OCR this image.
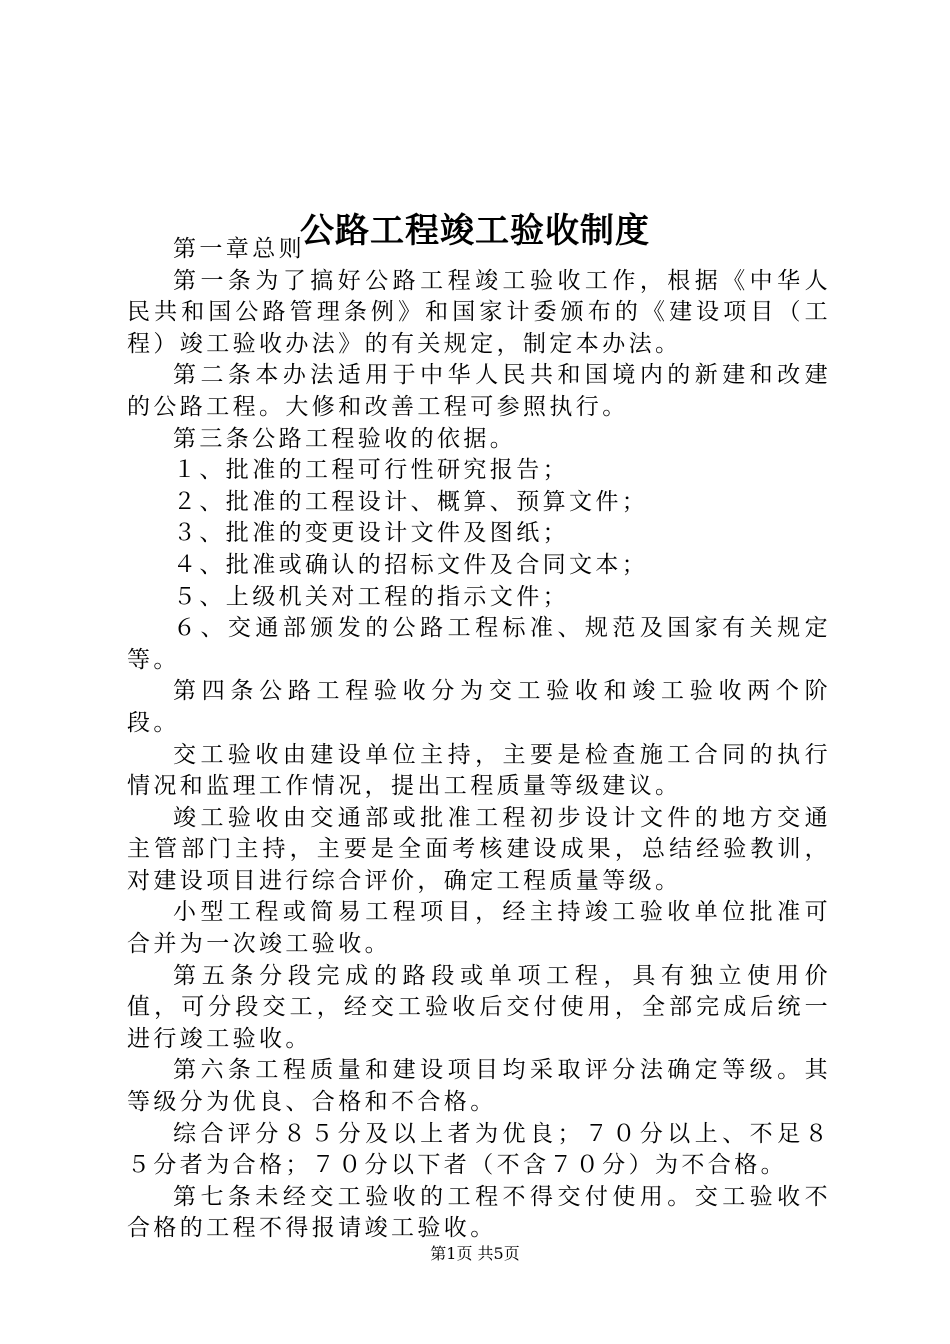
公路工程竣工验收制度

第一章总则

第一条为了搞好公路工程竣工验收工作，根据《中华人民共和国公路管理条例》和国家计委颁布的《建设项目（工程）竣工验收办法》的有关规定，制定本办法。

第二条本办法适用于中华人民共和国境内的新建和改建的公路工程。大修和改善工程可参照执行。

第三条公路工程验收的依据。

１、批准的工程可行性研究报告；

２、批准的工程设计、概算、预算文件；

３、批准的变更设计文件及图纸；

４、批准或确认的招标文件及合同文本；

５、上级机关对工程的指示文件；

６、交通部颁发的公路工程标准、规范及国家有关规定等。

第四条公路工程验收分为交工验收和竣工验收两个阶段。

交工验收由建设单位主持，主要是检查施工合同的执行情况和监理工作情况，提出工程质量等级建议。

竣工验收由交通部或批准工程初步设计文件的地方交通主管部门主持，主要是全面考核建设成果，总结经验教训，对建设项目进行综合评价，确定工程质量等级。

小型工程或简易工程项目，经主持竣工验收单位批准可合并为一次竣工验收。

第五条分段完成的路段或单项工程，具有独立使用价值，可分段交工，经交工验收后交付使用，全部完成后统一进行竣工验收。

第六条工程质量和建设项目均采取评分法确定等级。其等级分为优良、合格和不合格。

综合评分８５分及以上者为优良；７０分以上、不足８５分者为合格；７０分以下者（不含７０分）为不合格。

第七条未经交工验收的工程不得交付使用。交工验收不合格的工程不得报请竣工验收。

第1页 共5页
